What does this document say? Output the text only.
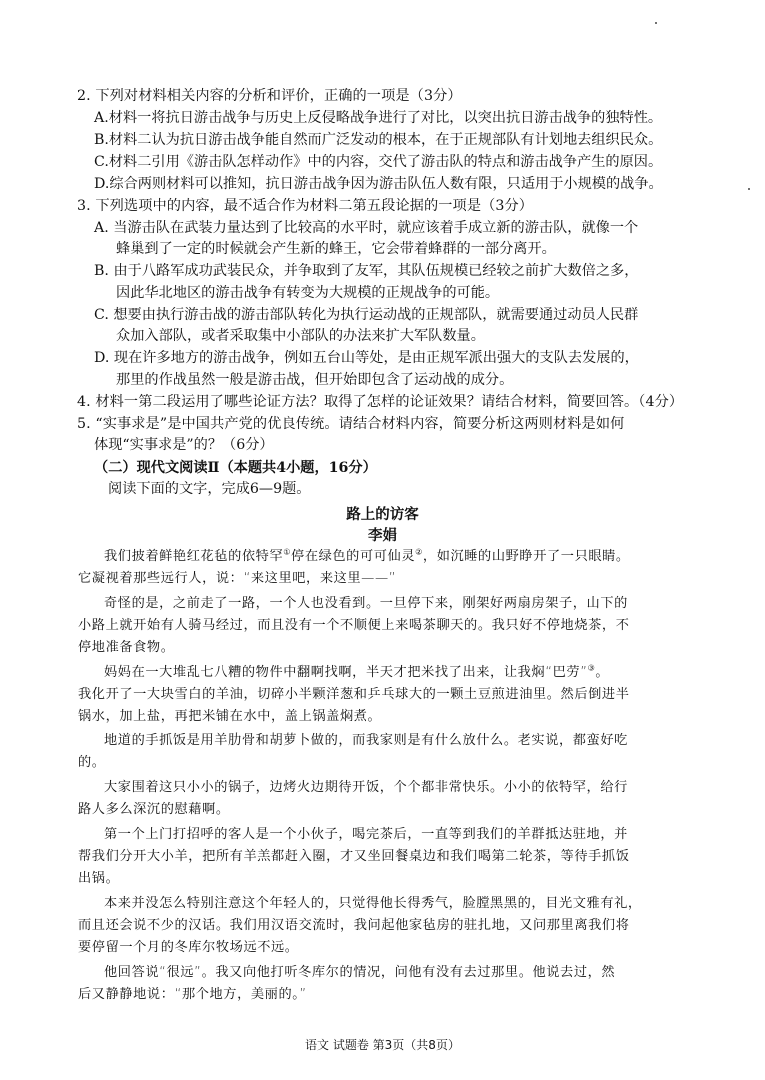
2. 下列对材料相关内容的分析和评价，正确的一项是（3分）
A.材料一将抗日游击战争与历史上反侵略战争进行了对比，以突出抗日游击战争的独特性。
B.材料二认为抗日游击战争能自然而广泛发动的根本，在于正规部队有计划地去组织民众。
C.材料二引用《游击队怎样动作》中的内容，交代了游击队的特点和游击战争产生的原因。
D.综合两则材料可以推知，抗日游击战争因为游击队伍人数有限，只适用于小规模的战争。
3. 下列选项中的内容，最不适合作为材料二第五段论据的一项是（3分）
A. 当游击队在武装力量达到了比较高的水平时，就应该着手成立新的游击队，就像一个
蜂巢到了一定的时候就会产生新的蜂王，它会带着蜂群的一部分离开。
B. 由于八路军成功武装民众，并争取到了友军，其队伍规模已经较之前扩大数倍之多，
因此华北地区的游击战争有转变为大规模的正规战争的可能。
C. 想要由执行游击战的游击部队转化为执行运动战的正规部队，就需要通过动员人民群
众加入部队，或者采取集中小部队的办法来扩大军队数量。
D. 现在许多地方的游击战争，例如五台山等处，是由正规军派出强大的支队去发展的，
那里的作战虽然一般是游击战，但开始即包含了运动战的成分。
4. 材料一第二段运用了哪些论证方法？取得了怎样的论证效果？请结合材料，简要回答。（4分）
5. “实事求是”是中国共产党的优良传统。请结合材料内容，简要分析这两则材料是如何
体现“实事求是”的？（6分）
（二）现代文阅读Ⅱ（本题共4小题，16分）
阅读下面的文字，完成6—9题。
路上的访客
李娟
我们披着鲜艳红花毡的依特罕①停在绿色的可可仙灵②，如沉睡的山野睁开了一只眼睛。
它凝视着那些远行人，说：“来这里吧，来这里——”
奇怪的是，之前走了一路，一个人也没看到。一旦停下来，刚架好两扇房架子，山下的
小路上就开始有人骑马经过，而且没有一个不顺便上来喝茶聊天的。我只好不停地烧茶，不
停地准备食物。
妈妈在一大堆乱七八糟的物件中翻啊找啊，半天才把米找了出来，让我焖“巴劳”③。
我化开了一大块雪白的羊油，切碎小半颗洋葱和乒乓球大的一颗土豆煎进油里。然后倒进半
锅水，加上盐，再把米铺在水中，盖上锅盖焖煮。
地道的手抓饭是用羊肋骨和胡萝卜做的，而我家则是有什么放什么。老实说，都蛮好吃
的。
大家围着这只小小的锅子，边烤火边期待开饭，个个都非常快乐。小小的依特罕，给行
路人多么深沉的慰藉啊。
第一个上门打招呼的客人是一个小伙子，喝完茶后，一直等到我们的羊群抵达驻地，并
帮我们分开大小羊，把所有羊羔都赶入圈，才又坐回餐桌边和我们喝第二轮茶，等待手抓饭
出锅。
本来并没怎么特别注意这个年轻人的，只觉得他长得秀气，脸膛黑黑的，目光文雅有礼，
而且还会说不少的汉话。我们用汉语交流时，我问起他家毡房的驻扎地，又问那里离我们将
要停留一个月的冬库尔牧场远不远。
他回答说“很远”。我又向他打听冬库尔的情况，问他有没有去过那里。他说去过，然
后又静静地说：“那个地方，美丽的。”
语文 试题卷 第3页（共8页）
